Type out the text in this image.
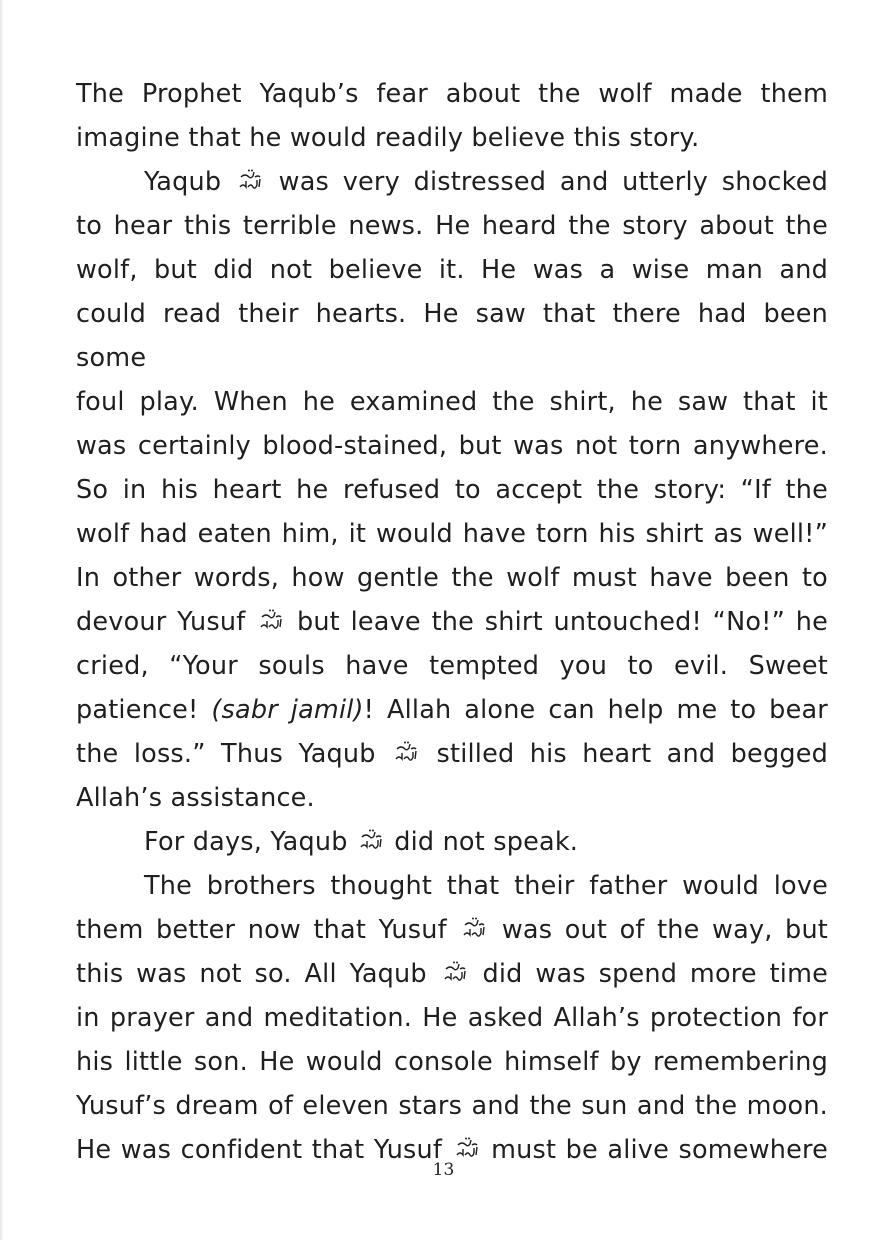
The Prophet Yaqub’s fear about the wolf made them
imagine that he would readily believe this story.
Yaqub was very distressed and utterly shocked
to hear this terrible news. He heard the story about the
wolf, but did not believe it. He was a wise man and
could read their hearts. He saw that there had been some
foul play. When he examined the shirt, he saw that it
was certainly blood-stained, but was not torn anywhere.
So in his heart he refused to accept the story: “If the
wolf had eaten him, it would have torn his shirt as well!”
In other words, how gentle the wolf must have been to
devour Yusuf but leave the shirt untouched! “No!” he
cried, “Your souls have tempted you to evil. Sweet
patience! (sabr jamil)! Allah alone can help me to bear
the loss.” Thus Yaqub stilled his heart and begged
Allah’s assistance.
For days, Yaqub did not speak.
The brothers thought that their father would love
them better now that Yusuf was out of the way, but
this was not so. All Yaqub did was spend more time
in prayer and meditation. He asked Allah’s protection for
his little son. He would console himself by remembering
Yusuf’s dream of eleven stars and the sun and the moon.
He was confident that Yusuf must be alive somewhere
13
